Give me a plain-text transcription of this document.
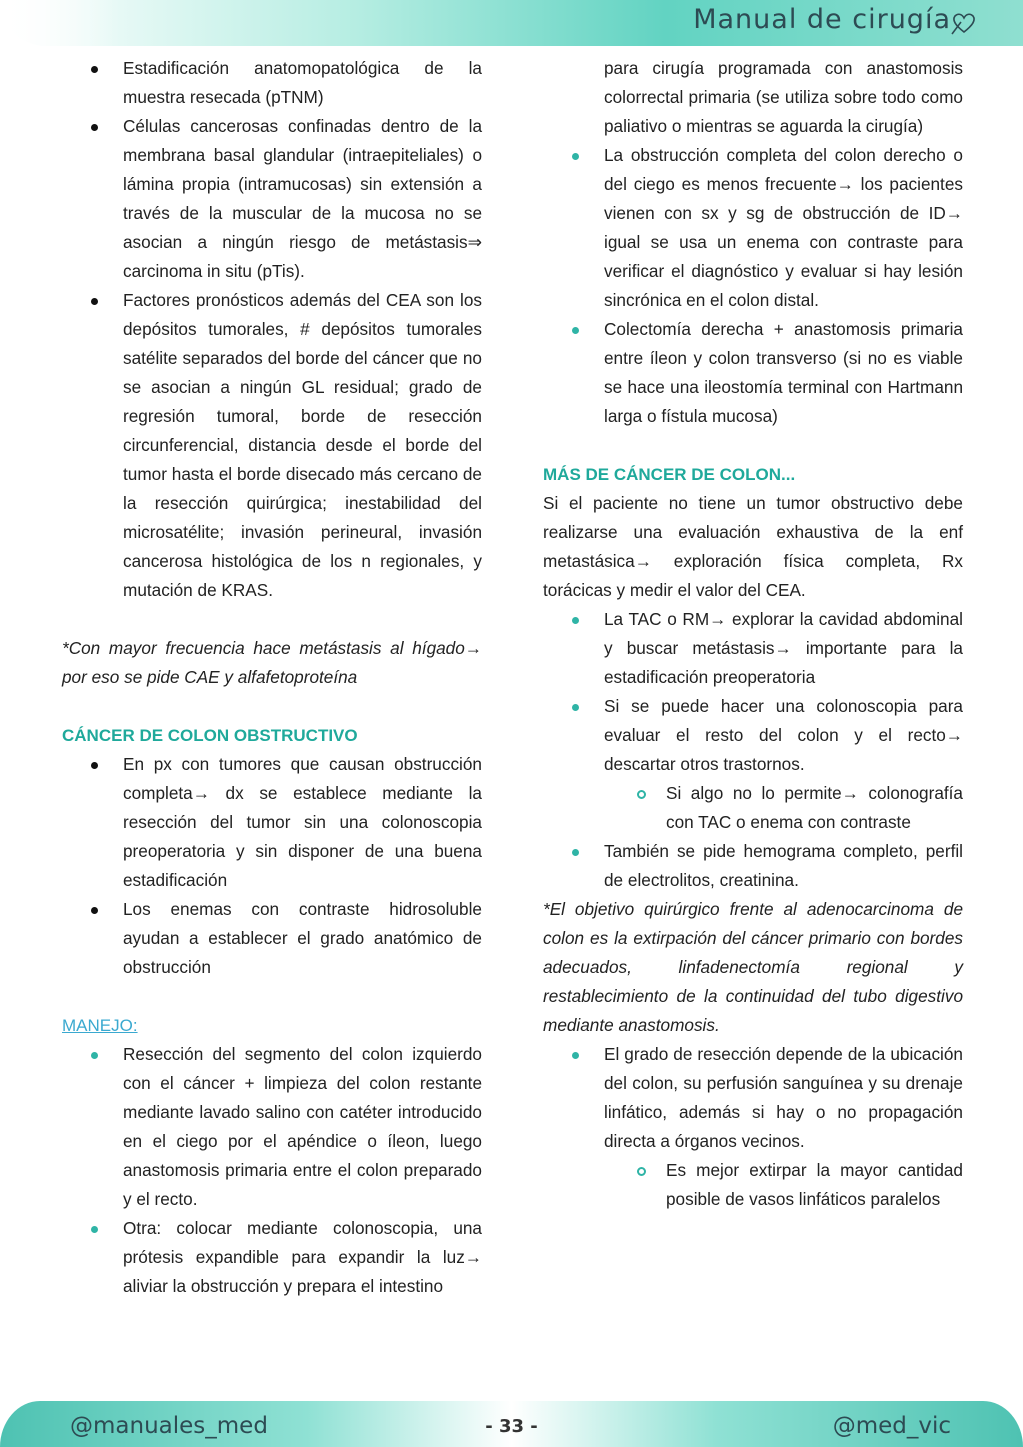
Manual de cirugía
Estadificación anatomopatológica de la muestra resecada (pTNM)
Células cancerosas confinadas dentro de la membrana basal glandular (intraepiteliales) o lámina propia (intramucosas) sin extensión a través de la muscular de la mucosa no se asocian a ningún riesgo de metástasis⇒ carcinoma in situ (pTis).
Factores pronósticos además del CEA son los depósitos tumorales, # depósitos tumorales satélite separados del borde del cáncer que no se asocian a ningún GL residual; grado de regresión tumoral, borde de resección circunferencial, distancia desde el borde del tumor hasta el borde disecado más cercano de la resección quirúrgica; inestabilidad del microsatélite; invasión perineural, invasión cancerosa histológica de los n regionales, y mutación de KRAS.
*Con mayor frecuencia hace metástasis al hígado→ por eso se pide CAE y alfafetoproteína
CÁNCER DE COLON OBSTRUCTIVO
En px con tumores que causan obstrucción completa→ dx se establece mediante la resección del tumor sin una colonoscopia preoperatoria y sin disponer de una buena estadificación
Los enemas con contraste hidrosoluble ayudan a establecer el grado anatómico de obstrucción
MANEJO:
Resección del segmento del colon izquierdo con el cáncer + limpieza del colon restante mediante lavado salino con catéter introducido en el ciego por el apéndice o íleon, luego anastomosis primaria entre el colon preparado y el recto.
Otra: colocar mediante colonoscopia, una prótesis expandible para expandir la luz→ aliviar la obstrucción y prepara el intestino
para cirugía programada con anastomosis colorrectal primaria (se utiliza sobre todo como paliativo o mientras se aguarda la cirugía)
La obstrucción completa del colon derecho o del ciego es menos frecuente→ los pacientes vienen con sx y sg de obstrucción de ID→ igual se usa un enema con contraste para verificar el diagnóstico y evaluar si hay lesión sincrónica en el colon distal.
Colectomía derecha + anastomosis primaria entre íleon y colon transverso (si no es viable se hace una ileostomía terminal con Hartmann larga o fístula mucosa)
MÁS DE CÁNCER DE COLON...
Si el paciente no tiene un tumor obstructivo debe realizarse una evaluación exhaustiva de la enf metastásica→ exploración física completa, Rx torácicas y medir el valor del CEA.
La TAC o RM→ explorar la cavidad abdominal y buscar metástasis→ importante para la estadificación preoperatoria
Si se puede hacer una colonoscopia para evaluar el resto del colon y el recto→ descartar otros trastornos.
Si algo no lo permite→ colonografía con TAC o enema con contraste
También se pide hemograma completo, perfil de electrolitos, creatinina.
*El objetivo quirúrgico frente al adenocarcinoma de colon es la extirpación del cáncer primario con bordes adecuados, linfadenectomía regional y restablecimiento de la continuidad del tubo digestivo mediante anastomosis.
El grado de resección depende de la ubicación del colon, su perfusión sanguínea y su drenaje linfático, además si hay o no propagación directa a órganos vecinos.
Es mejor extirpar la mayor cantidad posible de vasos linfáticos paralelos
@manuales_med	- 33 -	@med_vic
